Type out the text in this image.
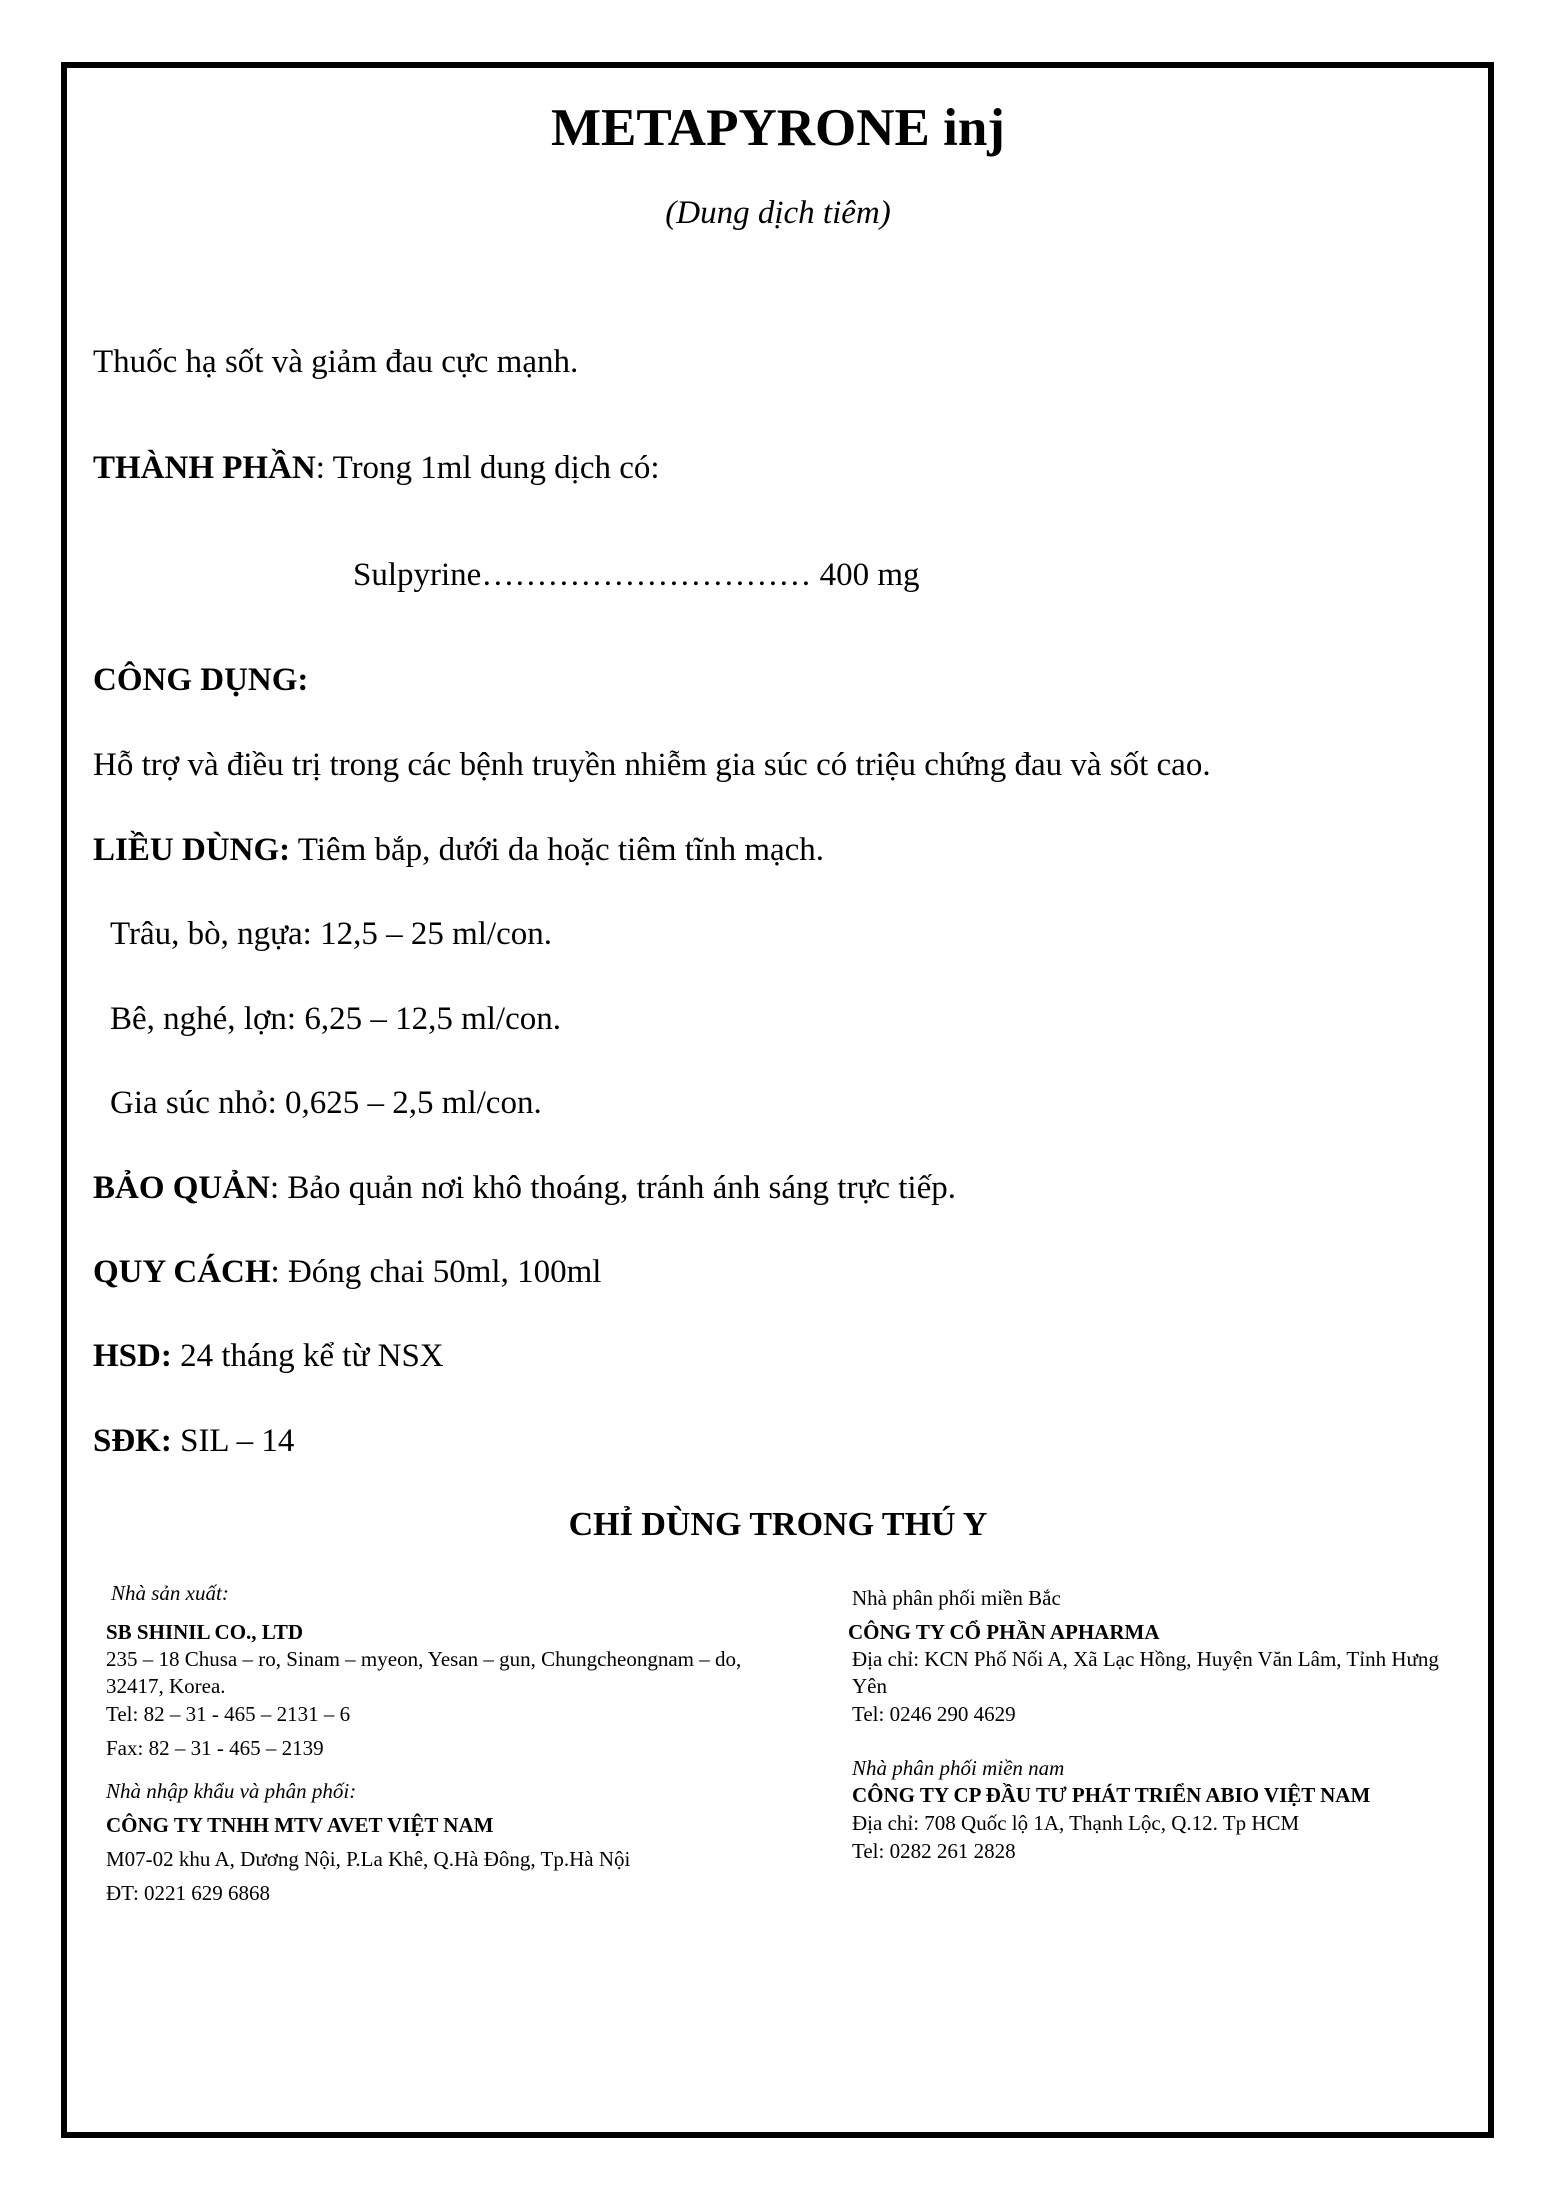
METAPYRONE inj
(Dung dịch tiêm)
Thuốc hạ sốt và giảm đau cực mạnh.
THÀNH PHẦN: Trong 1ml dung dịch có:
Sulpyrine………………………… 400 mg
CÔNG DỤNG:
Hỗ trợ và điều trị trong các bệnh truyền nhiễm gia súc có triệu chứng đau và sốt cao.
LIỀU DÙNG: Tiêm bắp, dưới da hoặc tiêm tĩnh mạch.
Trâu, bò, ngựa: 12,5 – 25 ml/con.
Bê, nghé, lợn: 6,25 – 12,5 ml/con.
Gia súc nhỏ: 0,625 – 2,5 ml/con.
BẢO QUẢN: Bảo quản nơi khô thoáng, tránh ánh sáng trực tiếp.
QUY CÁCH: Đóng chai 50ml, 100ml
HSD: 24 tháng kể từ NSX
SĐK: SIL – 14
CHỈ DÙNG TRONG THÚ Y
Nhà sản xuất:
SB SHINIL CO., LTD
235 – 18 Chusa – ro, Sinam – myeon, Yesan – gun, Chungcheongnam – do, 32417, Korea.
Tel: 82 – 31 - 465 – 2131 – 6
Fax: 82 – 31 - 465 – 2139
Nhà nhập khẩu và phân phối:
CÔNG TY TNHH MTV AVET VIỆT NAM
M07-02 khu A, Dương Nội, P.La Khê, Q.Hà Đông, Tp.Hà Nội
ĐT: 0221 629 6868
Nhà phân phối miền Bắc
CÔNG TY CỔ PHẦN APHARMA
Địa chỉ: KCN Phố Nối A, Xã Lạc Hồng, Huyện Văn Lâm, Tỉnh Hưng Yên
Tel: 0246 290 4629
Nhà phân phối miền nam
CÔNG TY CP ĐẦU TƯ PHÁT TRIỂN ABIO VIỆT NAM
Địa chỉ: 708 Quốc lộ 1A, Thạnh Lộc, Q.12. Tp HCM
Tel: 0282 261 2828
